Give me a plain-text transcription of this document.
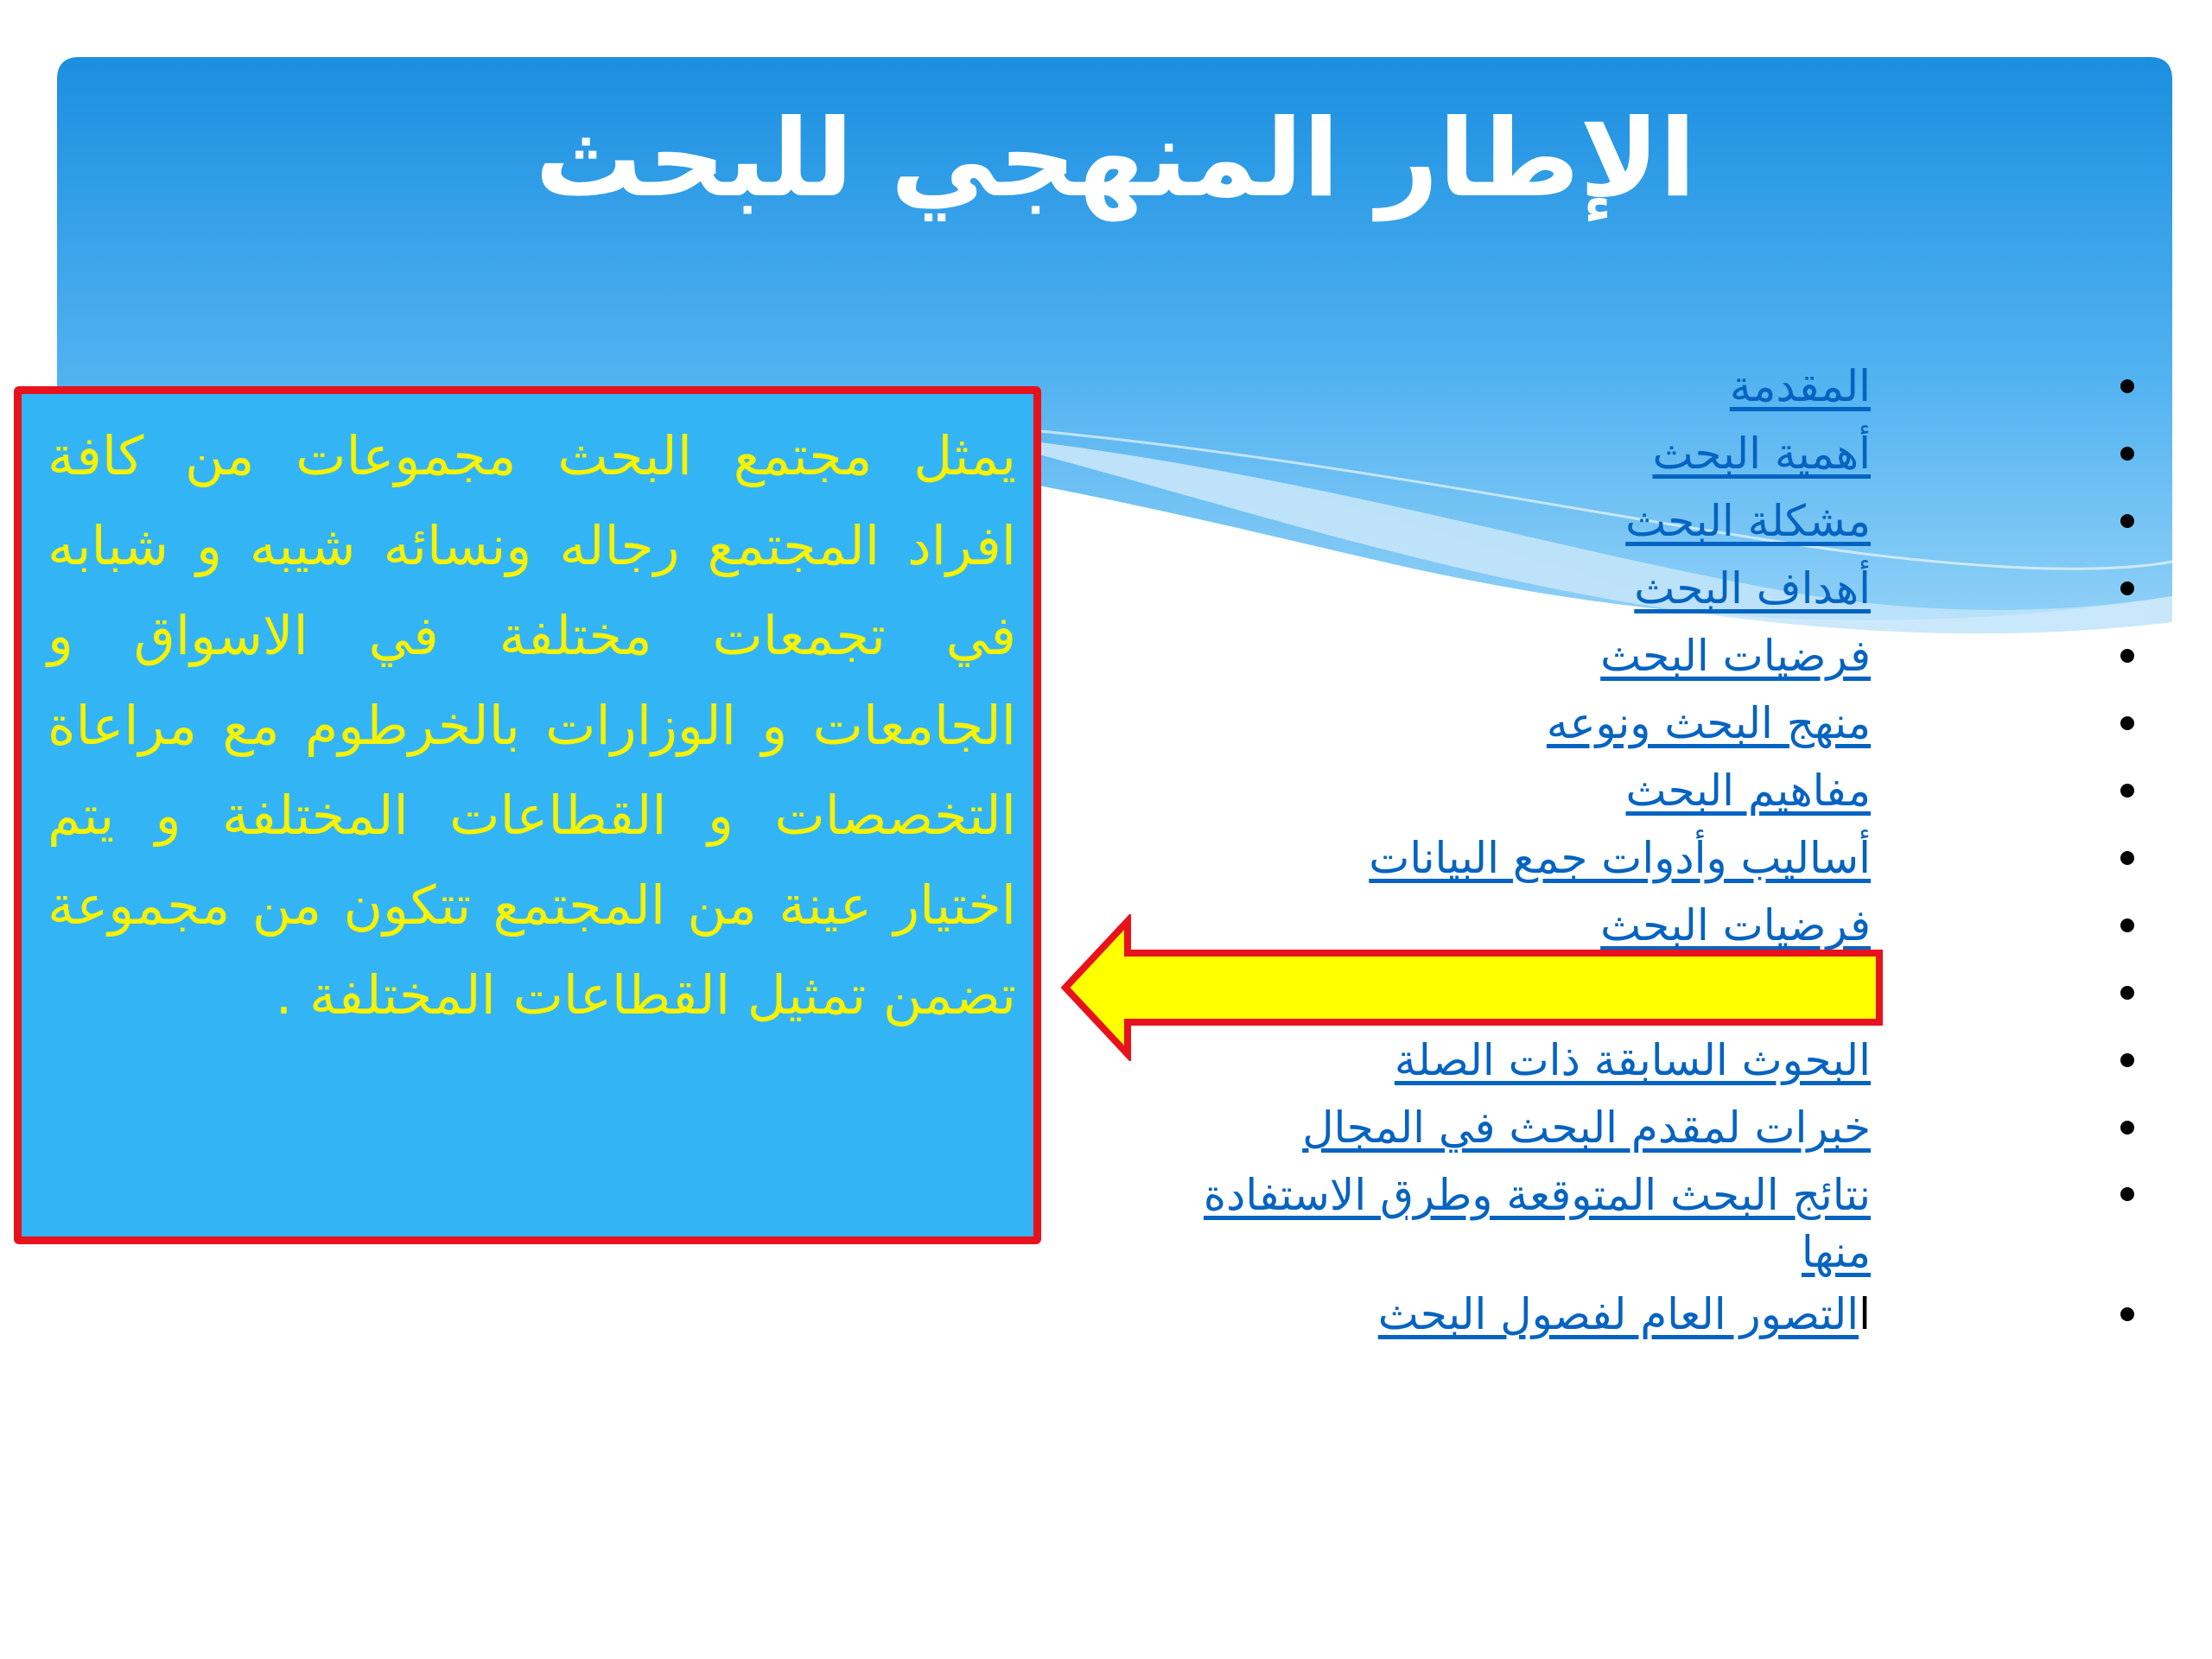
الإطار المنهجي للبحث
المقدمة
أهمية البحث
مشكلة البحث
أهداف البحث
فرضيات البحث
منهج البحث ونوعه
مفاهيم البحث
أساليب وأدوات جمع البيانات
فرضيات البحث
البحوث السابقة ذات الصلة
خبرات لمقدم البحث في المجال
نتائج البحث المتوقعة وطرق الاستفادة منها
االتصور العام لفصول البحث
يمثل مجتمع البحث مجموعات من كافة افراد المجتمع رجاله ونسائه شيبه و شبابه في تجمعات مختلفة في الاسواق و الجامعات و الوزارات بالخرطوم مع مراعاة التخصصات و القطاعات المختلفة و يتم اختيار عينة من المجتمع تتكون من مجموعة تضمن تمثيل القطاعات المختلفة .
